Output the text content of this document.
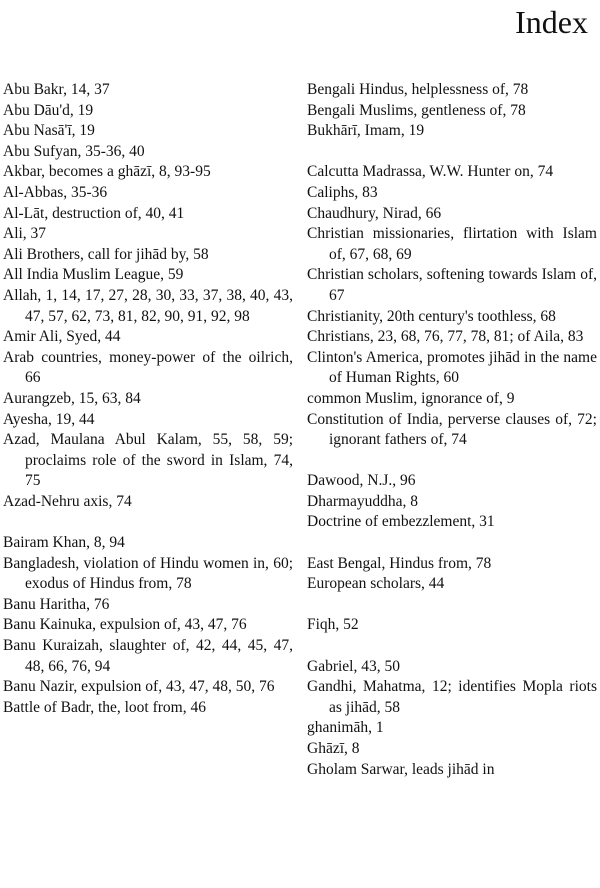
Index

Abu Bakr, 14, 37

Abu Dāu'd, 19

Abu Nasā'ī, 19

Abu Sufyan, 35-36, 40

Akbar, becomes a ghāzī, 8, 93-95

Al-Abbas, 35-36

Al-Lāt, destruction of, 40, 41

Ali, 37

Ali Brothers, call for jihād by, 58

All India Muslim League, 59

Allah, 1, 14, 17, 27, 28, 30, 33, 37, 38, 40, 43, 47, 57, 62, 73, 81, 82, 90, 91, 92, 98

Amir Ali, Syed, 44

Arab countries, money-power of the oilrich, 66

Aurangzeb, 15, 63, 84

Ayesha, 19, 44

Azad, Maulana Abul Kalam, 55, 58, 59; proclaims role of the sword in Islam, 74, 75

Azad-Nehru axis, 74

Bairam Khan, 8, 94

Bangladesh, violation of Hindu women in, 60; exodus of Hindus from, 78

Banu Haritha, 76

Banu Kainuka, expulsion of, 43, 47, 76

Banu Kuraizah, slaughter of, 42, 44, 45, 47, 48, 66, 76, 94

Banu Nazir, expulsion of, 43, 47, 48, 50, 76

Battle of Badr, the, loot from, 46

Bengali Hindus, helplessness of, 78

Bengali Muslims, gentleness of, 78

Bukhārī, Imam, 19

Calcutta Madrassa, W.W. Hunter on, 74

Caliphs, 83

Chaudhury, Nirad, 66

Christian missionaries, flirtation with Islam of, 67, 68, 69

Christian scholars, softening towards Islam of, 67

Christianity, 20th century's toothless, 68

Christians, 23, 68, 76, 77, 78, 81; of Aila, 83

Clinton's America, promotes jihād in the name of Human Rights, 60

common Muslim, ignorance of, 9

Constitution of India, perverse clauses of, 72; ignorant fathers of, 74

Dawood, N.J., 96

Dharmayuddha, 8

Doctrine of embezzlement, 31

East Bengal, Hindus from, 78

European scholars, 44

Fiqh, 52

Gabriel, 43, 50

Gandhi, Mahatma, 12; identifies Mopla riots as jihād, 58

ghanimāh, 1

Ghāzī, 8

Gholam Sarwar, leads jihād in
